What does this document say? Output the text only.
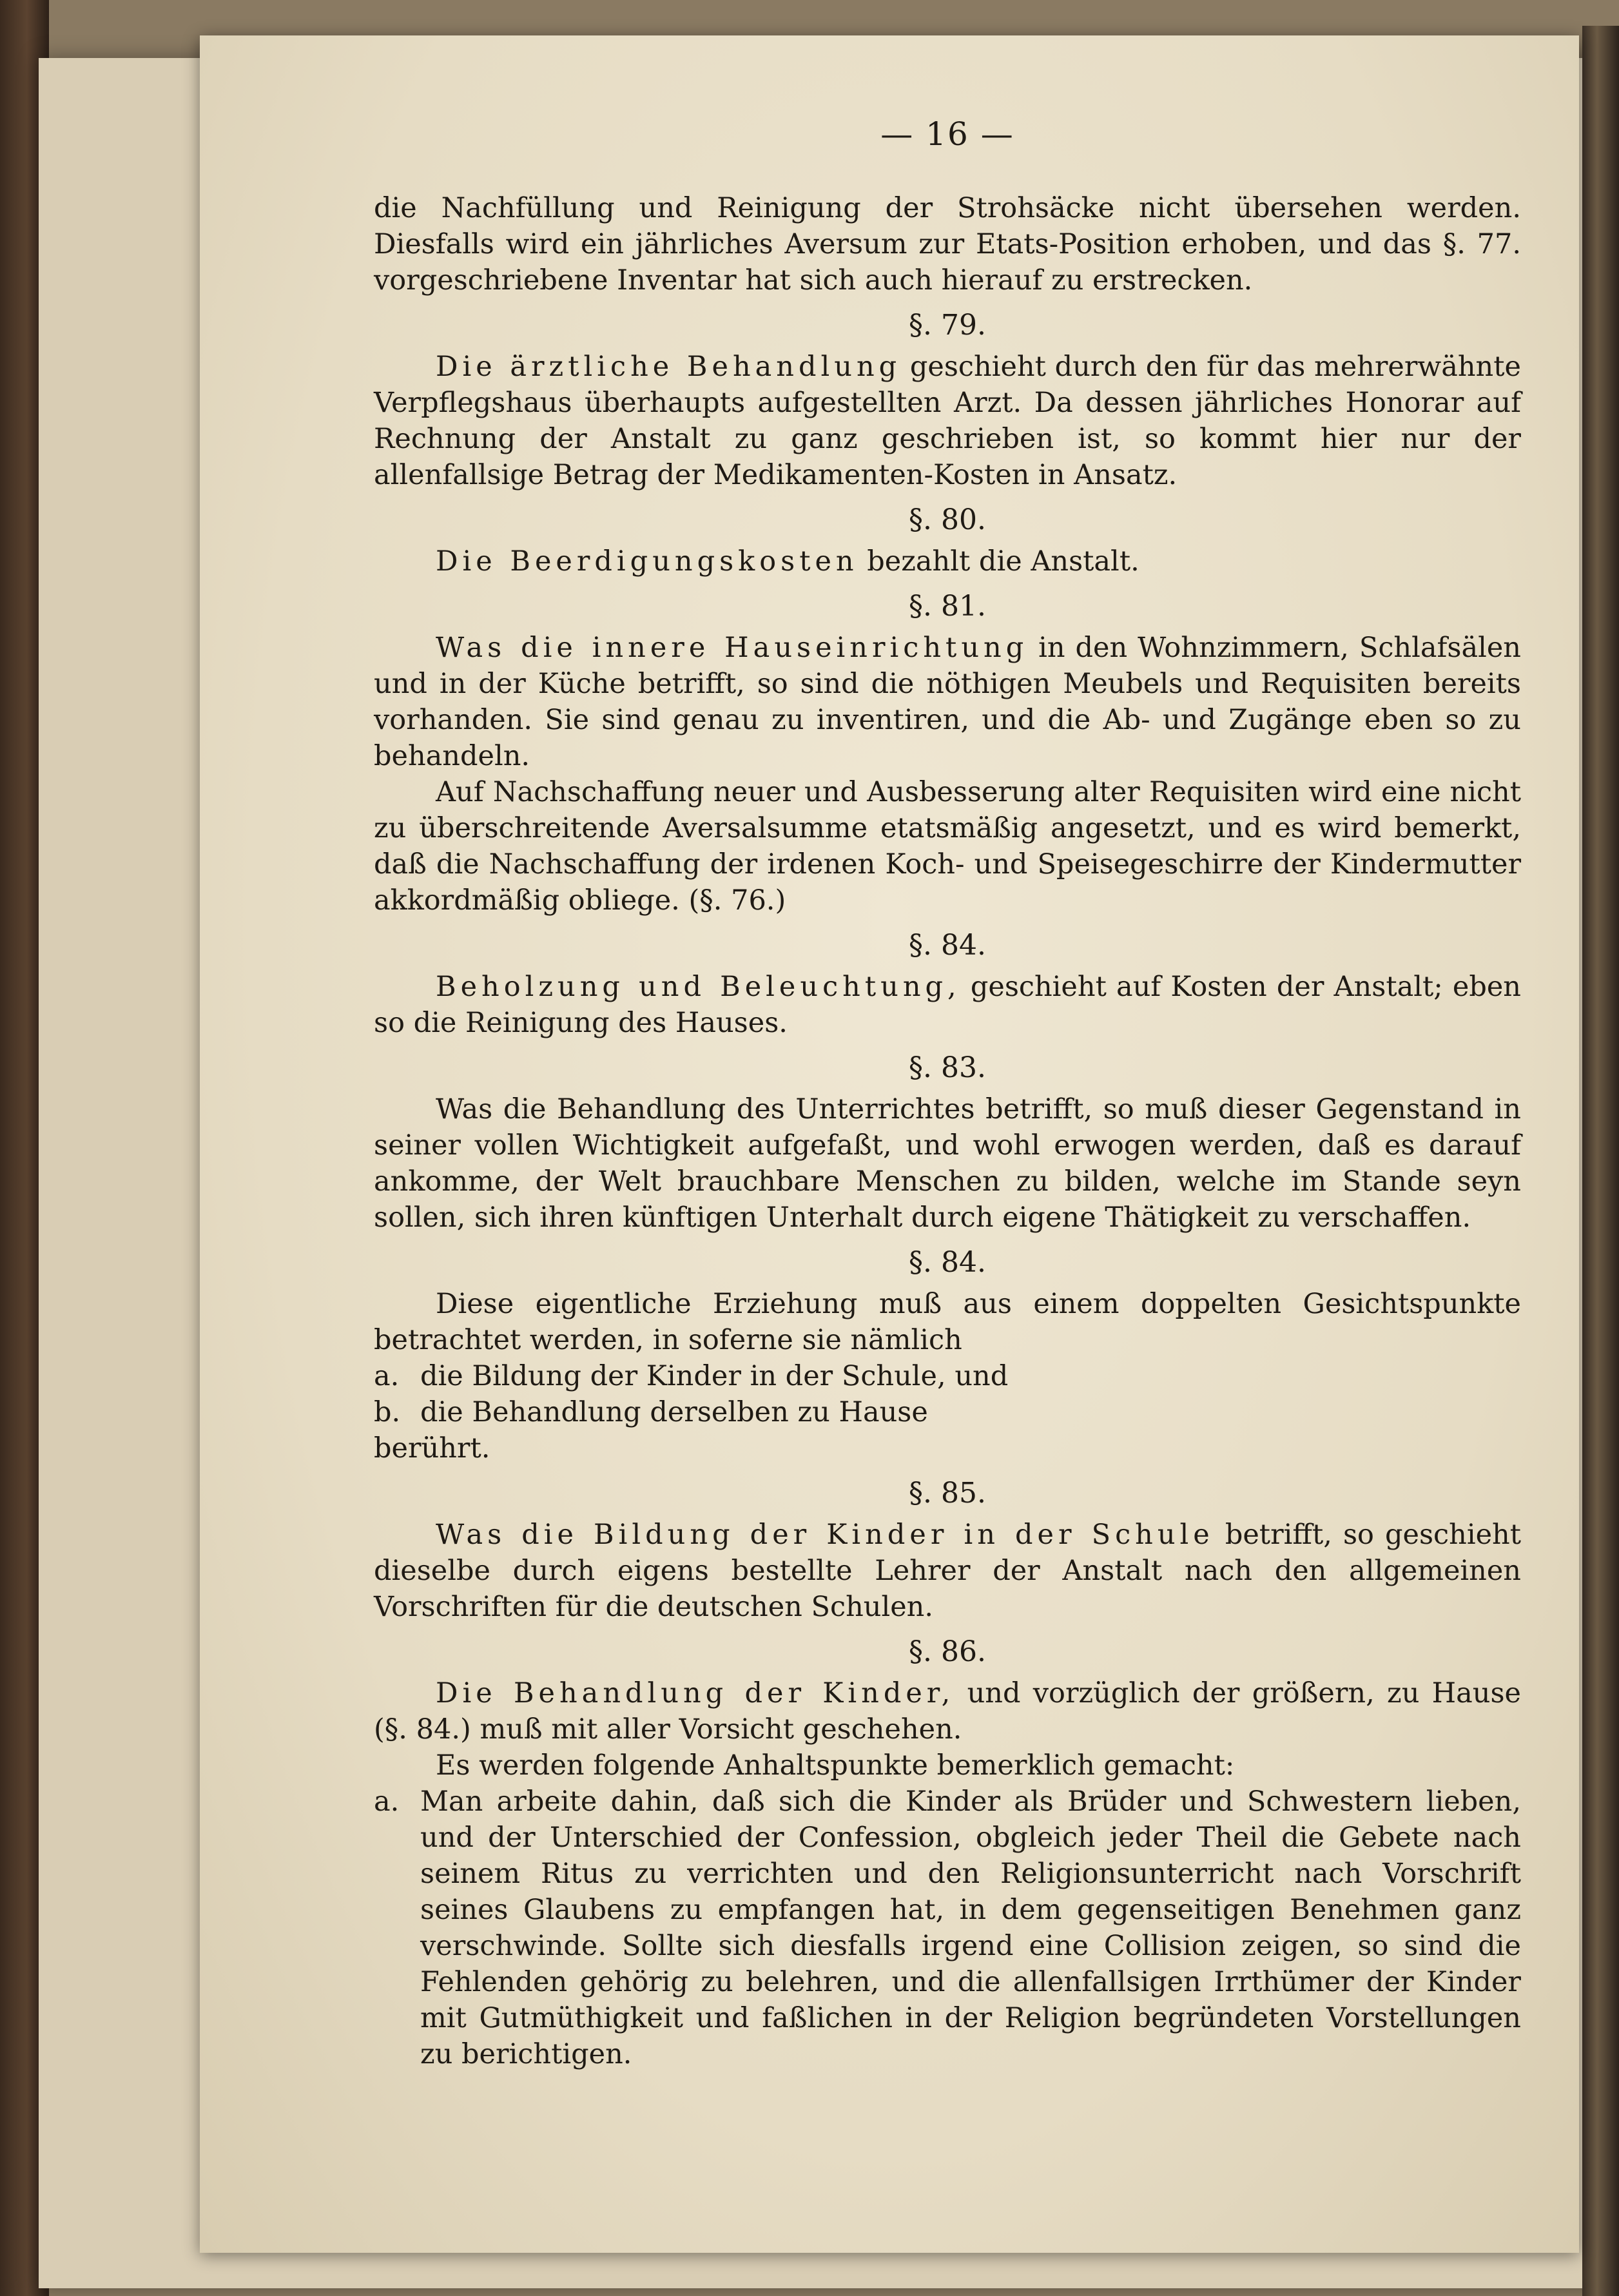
— 16 —

die Nachfüllung und Reinigung der Strohsäcke nicht übersehen werden. Diesfalls wird ein jährliches Aversum zur Etats-Position erhoben, und das §. 77. vorgeschriebene Inventar hat sich auch hierauf zu erstrecken.

§. 79.

Die ärztliche Behandlung geschieht durch den für das mehrerwähnte Verpflegshaus überhaupts aufgestellten Arzt. Da dessen jährliches Honorar auf Rechnung der Anstalt zu ganz geschrieben ist, so kommt hier nur der allenfallsige Betrag der Medikamenten-Kosten in Ansatz.

§. 80.

Die Beerdigungskosten bezahlt die Anstalt.

§. 81.

Was die innere Hauseinrichtung in den Wohnzimmern, Schlafsälen und in der Küche betrifft, so sind die nöthigen Meubels und Requisiten bereits vorhanden. Sie sind genau zu inventiren, und die Ab- und Zugänge eben so zu behandeln.

Auf Nachschaffung neuer und Ausbesserung alter Requisiten wird eine nicht zu überschreitende Aversalsumme etatsmäßig angesetzt, und es wird bemerkt, daß die Nachschaffung der irdenen Koch- und Speisegeschirre der Kindermutter akkordmäßig obliege. (§. 76.)

§. 84.

Beholzung und Beleuchtung, geschieht auf Kosten der Anstalt; eben so die Reinigung des Hauses.

§. 83.

Was die Behandlung des Unterrichtes betrifft, so muß dieser Gegenstand in seiner vollen Wichtigkeit aufgefaßt, und wohl erwogen werden, daß es darauf ankomme, der Welt brauchbare Menschen zu bilden, welche im Stande seyn sollen, sich ihren künftigen Unterhalt durch eigene Thätigkeit zu verschaffen.

§. 84.

Diese eigentliche Erziehung muß aus einem doppelten Gesichtspunkte betrachtet werden, in soferne sie nämlich

a. die Bildung der Kinder in der Schule, und

b. die Behandlung derselben zu Hause

berührt.

§. 85.

Was die Bildung der Kinder in der Schule betrifft, so geschieht dieselbe durch eigens bestellte Lehrer der Anstalt nach den allgemeinen Vorschriften für die deutschen Schulen.

§. 86.

Die Behandlung der Kinder, und vorzüglich der größern, zu Hause (§. 84.) muß mit aller Vorsicht geschehen.

Es werden folgende Anhaltspunkte bemerklich gemacht:

a. Man arbeite dahin, daß sich die Kinder als Brüder und Schwestern lieben, und der Unterschied der Confession, obgleich jeder Theil die Gebete nach seinem Ritus zu verrichten und den Religionsunterricht nach Vorschrift seines Glaubens zu empfangen hat, in dem gegenseitigen Benehmen ganz verschwinde. Sollte sich diesfalls irgend eine Collision zeigen, so sind die Fehlenden gehörig zu belehren, und die allenfallsigen Irrthümer der Kinder mit Gutmüthigkeit und faßlichen in der Religion begründeten Vorstellungen zu berichtigen.
